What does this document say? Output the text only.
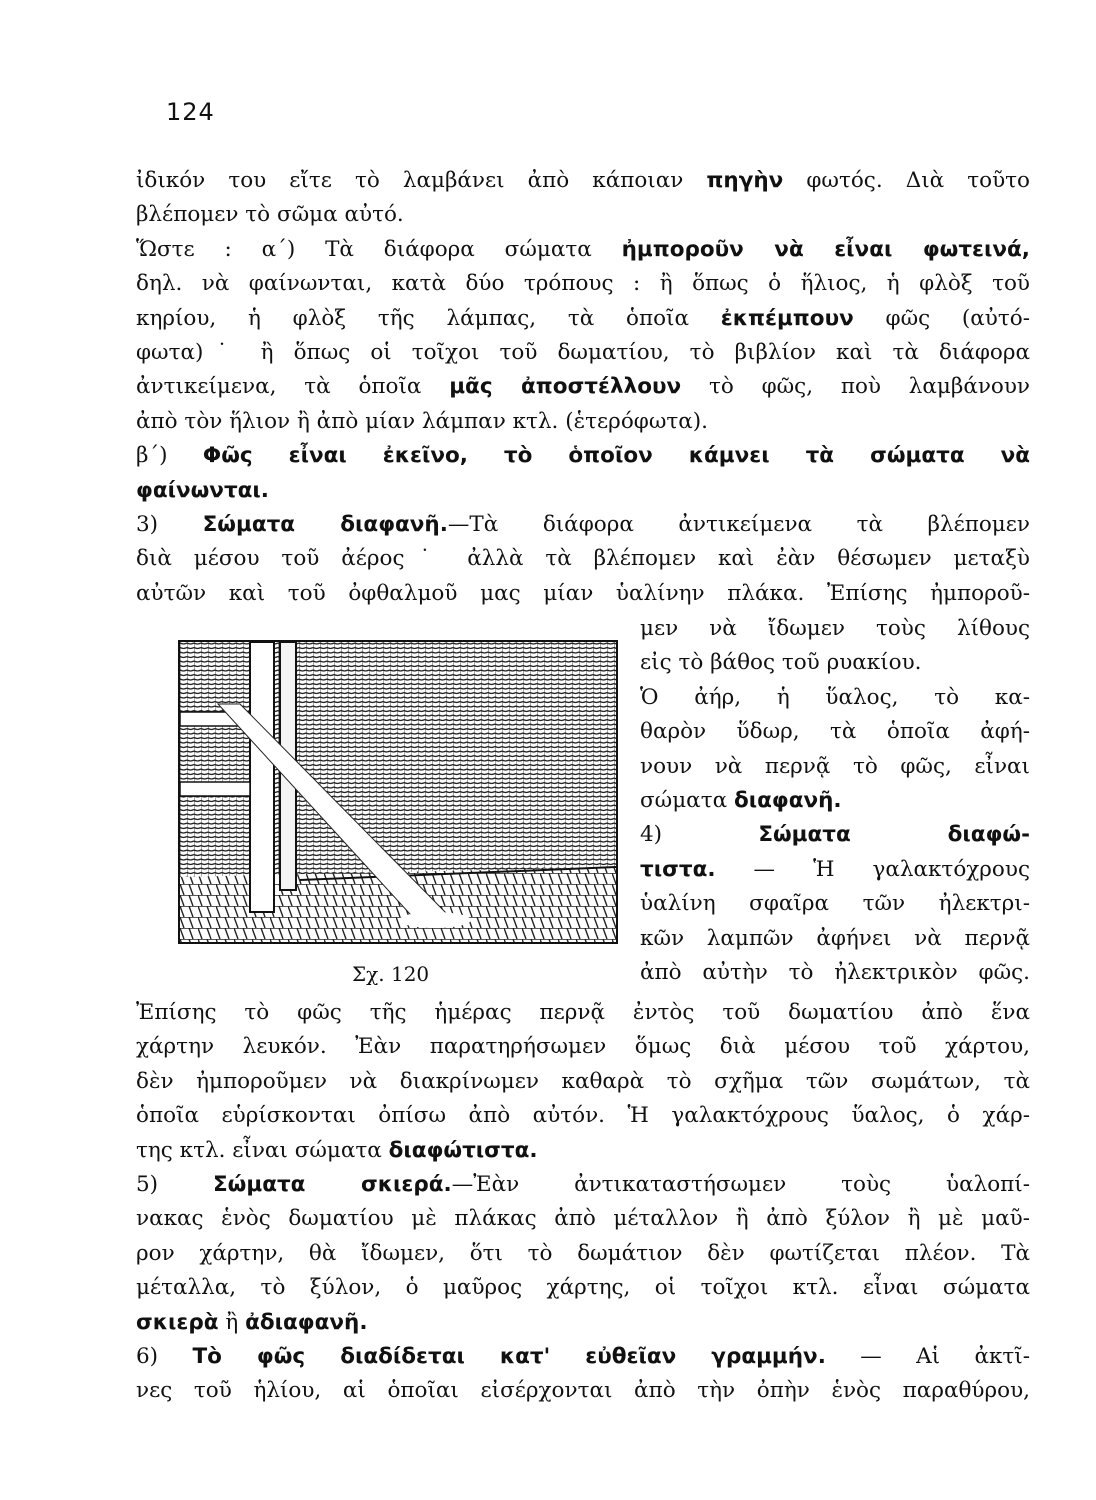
124
ἰδικόν του εἴτε τὸ λαμβάνει ἀπὸ κάποιαν πηγὴν φωτός. Διὰ τοῦτο
βλέπομεν τὸ σῶμα αὐτό.
Ὥστε : α΄) Τὰ διάφορα σώματα ἠμποροῦν νὰ εἶναι φωτεινά,
δηλ. νὰ φαίνωνται, κατὰ δύο τρόπους : ἢ ὅπως ὁ ἥλιος, ἡ φλὸξ τοῦ
κηρίου, ἡ φλὸξ τῆς λάμπας, τὰ ὁποῖα ἐκπέμπουν φῶς (αὐτό-
φωτα)˙ ἢ ὅπως οἱ τοῖχοι τοῦ δωματίου, τὸ βιβλίον καὶ τὰ διάφορα
ἀντικείμενα, τὰ ὁποῖα μᾶς ἀποστέλλουν τὸ φῶς, ποὺ λαμβάνουν
ἀπὸ τὸν ἥλιον ἢ ἀπὸ μίαν λάμπαν κτλ. (ἑτερόφωτα).
β΄) Φῶς εἶναι ἐκεῖνο, τὸ ὁποῖον κάμνει τὰ σώματα νὰ
φαίνωνται.
3) Σώματα διαφανῆ.—Τὰ διάφορα ἀντικείμενα τὰ βλέπομεν
διὰ μέσου τοῦ ἀέρος˙ ἀλλὰ τὰ βλέπομεν καὶ ἐὰν θέσωμεν μεταξὺ
αὐτῶν καὶ τοῦ ὀφθαλμοῦ μας μίαν ὑαλίνην πλάκα. Ἐπίσης ἠμποροῦ-
μεν νὰ ἴδωμεν τοὺς λίθους
εἰς τὸ βάθος τοῦ ρυακίου.
Ὁ ἀήρ, ἡ ὕαλος, τὸ κα-
θαρὸν ὕδωρ, τὰ ὁποῖα ἀφή-
νουν νὰ περνᾷ τὸ φῶς, εἶναι
σώματα διαφανῆ.
4) Σώματα διαφώ-
τιστα. — Ἡ γαλακτόχρους
ὑαλίνη σφαῖρα τῶν ἠλεκτρι-
κῶν λαμπῶν ἀφήνει νὰ περνᾷ
ἀπὸ αὐτὴν τὸ ἠλεκτρικὸν φῶς.
Σχ. 120
Ἐπίσης τὸ φῶς τῆς ἡμέρας περνᾷ ἐντὸς τοῦ δωματίου ἀπὸ ἕνα
χάρτην λευκόν. Ἐὰν παρατηρήσωμεν ὅμως διὰ μέσου τοῦ χάρτου,
δὲν ἠμποροῦμεν νὰ διακρίνωμεν καθαρὰ τὸ σχῆμα τῶν σωμάτων, τὰ
ὁποῖα εὑρίσκονται ὀπίσω ἀπὸ αὐτόν. Ἡ γαλακτόχρους ὕαλος, ὁ χάρ-
της κτλ. εἶναι σώματα διαφώτιστα.
5) Σώματα σκιερά.—Ἐὰν ἀντικαταστήσωμεν τοὺς ὑαλοπί-
νακας ἑνὸς δωματίου μὲ πλάκας ἀπὸ μέταλλον ἢ ἀπὸ ξύλον ἢ μὲ μαῦ-
ρον χάρτην, θὰ ἴδωμεν, ὅτι τὸ δωμάτιον δὲν φωτίζεται πλέον. Τὰ
μέταλλα, τὸ ξύλον, ὁ μαῦρος χάρτης, οἱ τοῖχοι κτλ. εἶναι σώματα
σκιερὰ ἢ ἀδιαφανῆ.
6) Τὸ φῶς διαδίδεται κατ' εὐθεῖαν γραμμήν. — Αἱ ἀκτῖ-
νες τοῦ ἡλίου, αἱ ὁποῖαι εἰσέρχονται ἀπὸ τὴν ὀπὴν ἑνὸς παραθύρου,
